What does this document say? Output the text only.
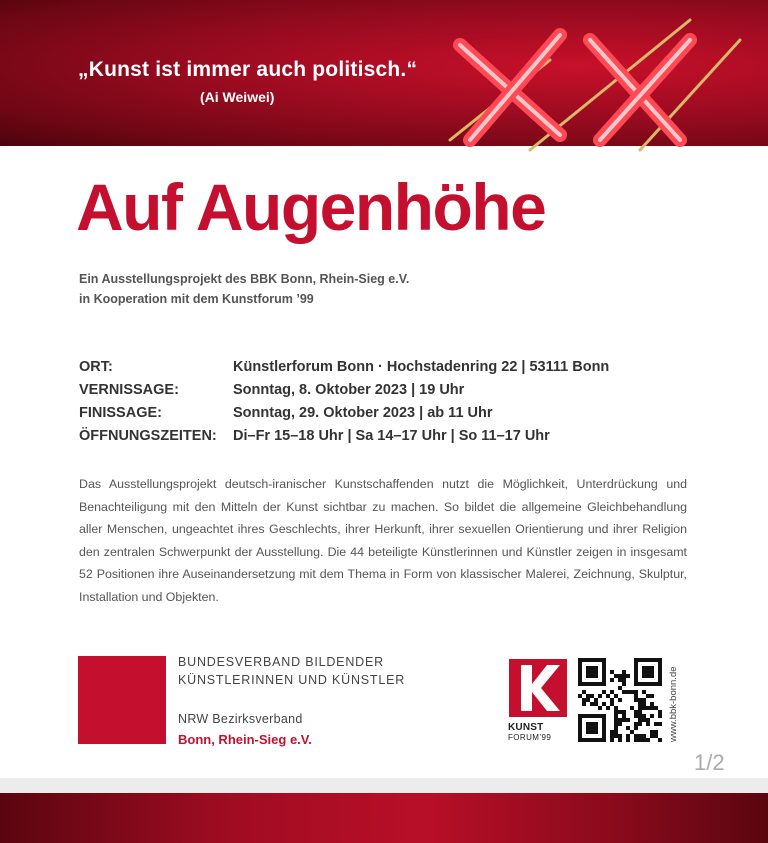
„Kunst ist immer auch politisch.“
(Ai Weiwei)
Auf Augenhöhe
Ein Ausstellungsprojekt des BBK Bonn, Rhein-Sieg e.V.
in Kooperation mit dem Kunstforum ’99
ORT:	Künstlerforum Bonn · Hochstadenring 22 | 53111 Bonn
VERNISSAGE:	Sonntag, 8. Oktober 2023 | 19 Uhr
FINISSAGE:	Sonntag, 29. Oktober 2023 | ab 11 Uhr
ÖFFNUNGSZEITEN: Di–Fr 15–18 Uhr | Sa 14–17 Uhr | So 11–17 Uhr
Das Ausstellungsprojekt deutsch-iranischer Kunstschaffenden nutzt die Möglichkeit, Unterdrückung und Benachteiligung mit den Mitteln der Kunst sichtbar zu machen. So bildet die allgemeine Gleichbehandlung aller Menschen, ungeachtet ihres Geschlechts, ihrer Herkunft, ihrer sexuellen Orientierung und ihrer Religion den zentralen Schwerpunkt der Ausstellung. Die 44 beteiligte Künstlerinnen und Künstler zeigen in insgesamt 52 Positionen ihre Auseinandersetzung mit dem Thema in Form von klassischer Malerei, Zeichnung, Skulptur, Installation und Objekten.
BBK
BUNDESVERBAND BILDENDER
KÜNSTLERINNEN UND KÜNSTLER
NRW Bezirksverband
Bonn, Rhein-Sieg e.V.
KUNST
FORUM’99	www.bbk-bonn.de
1/2
